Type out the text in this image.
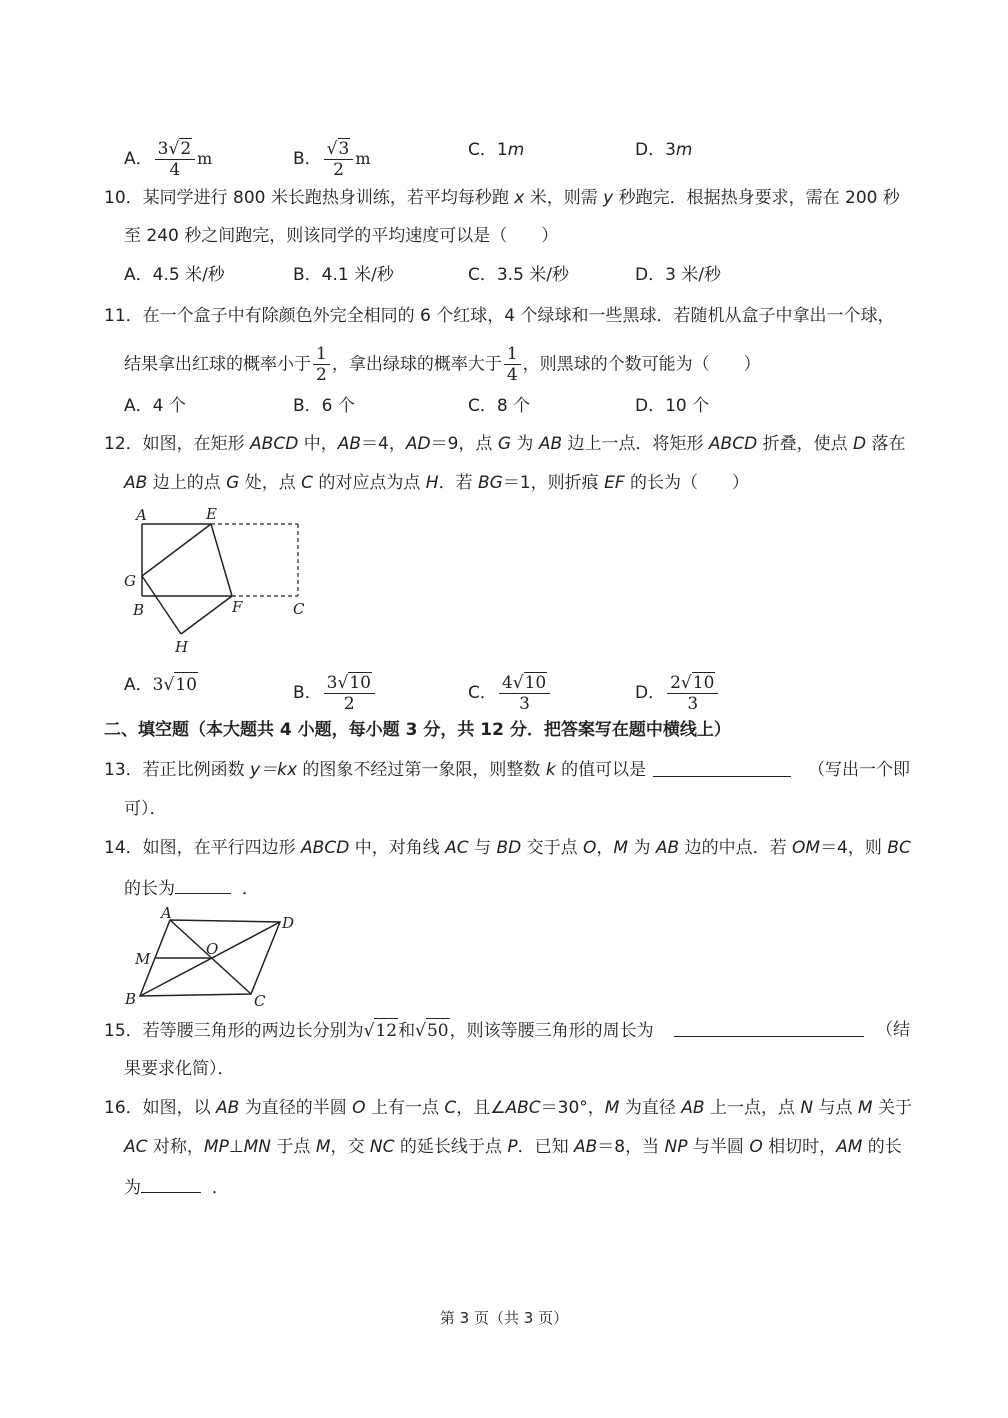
A． $\frac{3√2}{4}$ m	B． $\frac{√3}{2}$ m	C．1m	D．3m
10．某同学进行 800 米长跑热身训练，若平均每秒跑 x 米，则需 y 秒跑完．根据热身要求，需在 200 秒
至 240 秒之间跑完，则该同学的平均速度可以是（　　）
A．4.5 米/秒	B．4.1 米/秒	C．3.5 米/秒	D．3 米/秒
11．在一个盒子中有除颜色外完全相同的 6 个红球，4 个绿球和一些黑球．若随机从盒子中拿出一个球，
结果拿出红球的概率小于 $\frac{1}{2}$ ，拿出绿球的概率大于 $\frac{1}{4}$ ，则黑球的个数可能为（　　）
A．4 个	B．6 个	C．8 个	D．10 个
12．如图，在矩形 ABCD 中，AB＝4，AD＝9，点 G 为 AB 边上一点．将矩形 ABCD 折叠，使点 D 落在
AB 边上的点 G 处，点 C 的对应点为点 H．若 BG＝1，则折痕 EF 的长为（　　）
A	E
G
B	F	C
H
A．3√10	B． $\frac{3√10}{2}$	C． $\frac{4√10}{3}$	D． $\frac{2√10}{3}$
二、填空题（本大题共 4 小题，每小题 3 分，共 12 分．把答案写在题中横线上）
13．若正比例函数 y＝kx 的图象不经过第一象限，则整数 k 的值可以是	（写出一个即
可）．
14．如图，在平行四边形 ABCD 中，对角线 AC 与 BD 交于点 O，M 为 AB 边的中点．若 OM＝4，则 BC
的长为	．
A
D
M
O
B	C
15．若等腰三角形的两边长分别为√12和√50，则该等腰三角形的周长为	（结
果要求化简）．
16．如图，以 AB 为直径的半圆 O 上有一点 C，且∠ABC＝30°，M 为直径 AB 上一点，点 N 与点 M 关于
AC 对称，MP⊥MN 于点 M，交 NC 的延长线于点 P．已知 AB＝8，当 NP 与半圆 O 相切时，AM 的长
为	．
第 3 页（共 3 页）
